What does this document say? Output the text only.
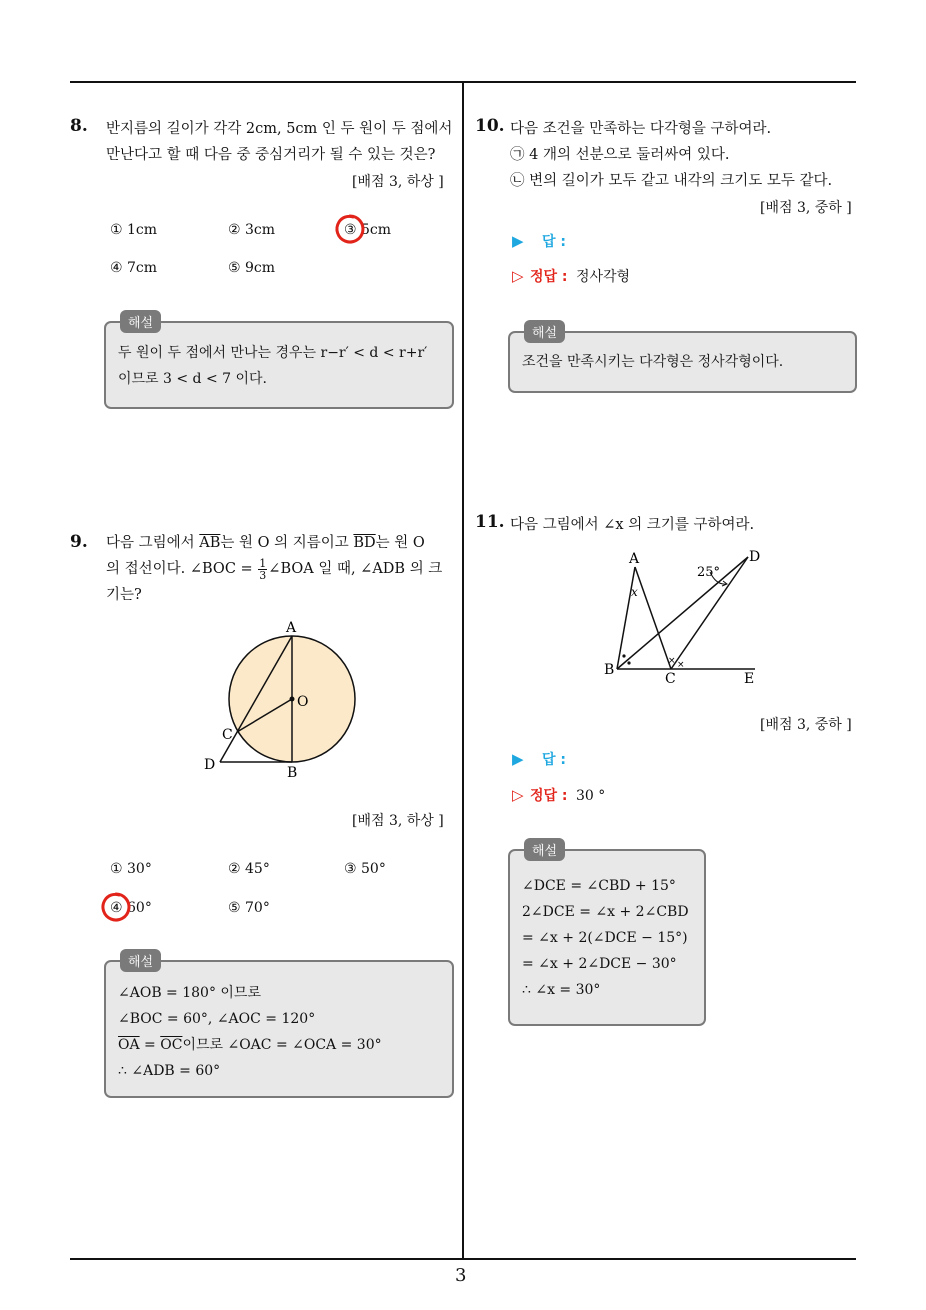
3
8. 반지름의 길이가 각각 2cm, 5cm 인 두 원이 두 점에서
만난다고 할 때 다음 중 중심거리가 될 수 있는 것은?
[배점 3, 하상 ]
① 1cm	② 3cm	③ 5cm
④ 7cm	⑤ 9cm
해설
두 원이 두 점에서 만나는 경우는 r−r′ < d < r+r′
이므로 3 < d < 7 이다.
9. 다음 그림에서 $\overline{AB}$는 원 O 의 지름이고 $\overline{BD}$는 원 O
의 접선이다. ∠BOC = $\frac{1}{3}$ ∠BOA 일 때, ∠ADB 의 크
기는?
A
O
C
D	B
[배점 3, 하상 ]
① 30°	② 45°	③ 50°
④ 60°	⑤ 70°
해설
∠AOB = 180° 이므로
∠BOC = 60°, ∠AOC = 120°
$\overline{OA} = \overline{OC}$이므로 ∠OAC = ∠OCA = 30°
∴ ∠ADB = 60°
10. 다음 조건을 만족하는 다각형을 구하여라.
㉠ 4 개의 선분으로 둘러싸여 있다.
㉡ 변의 길이가 모두 같고 내각의 크기도 모두 같다.
[배점 3, 중하 ]
▶ 답 :
▷ 정답 : 정사각형
해설
조건을 만족시키는 다각형은 정사각형이다.
11. 다음 그림에서 ∠x 의 크기를 구하여라.
× ×
A	D
25°
x
B
C	E
[배점 3, 중하 ]
▶ 답 :
▷ 정답 : 30 °
해설
∠DCE = ∠CBD + 15°
2∠DCE = ∠x + 2∠CBD
= ∠x + 2(∠DCE − 15°)
= ∠x + 2∠DCE − 30°
∴ ∠x = 30°
